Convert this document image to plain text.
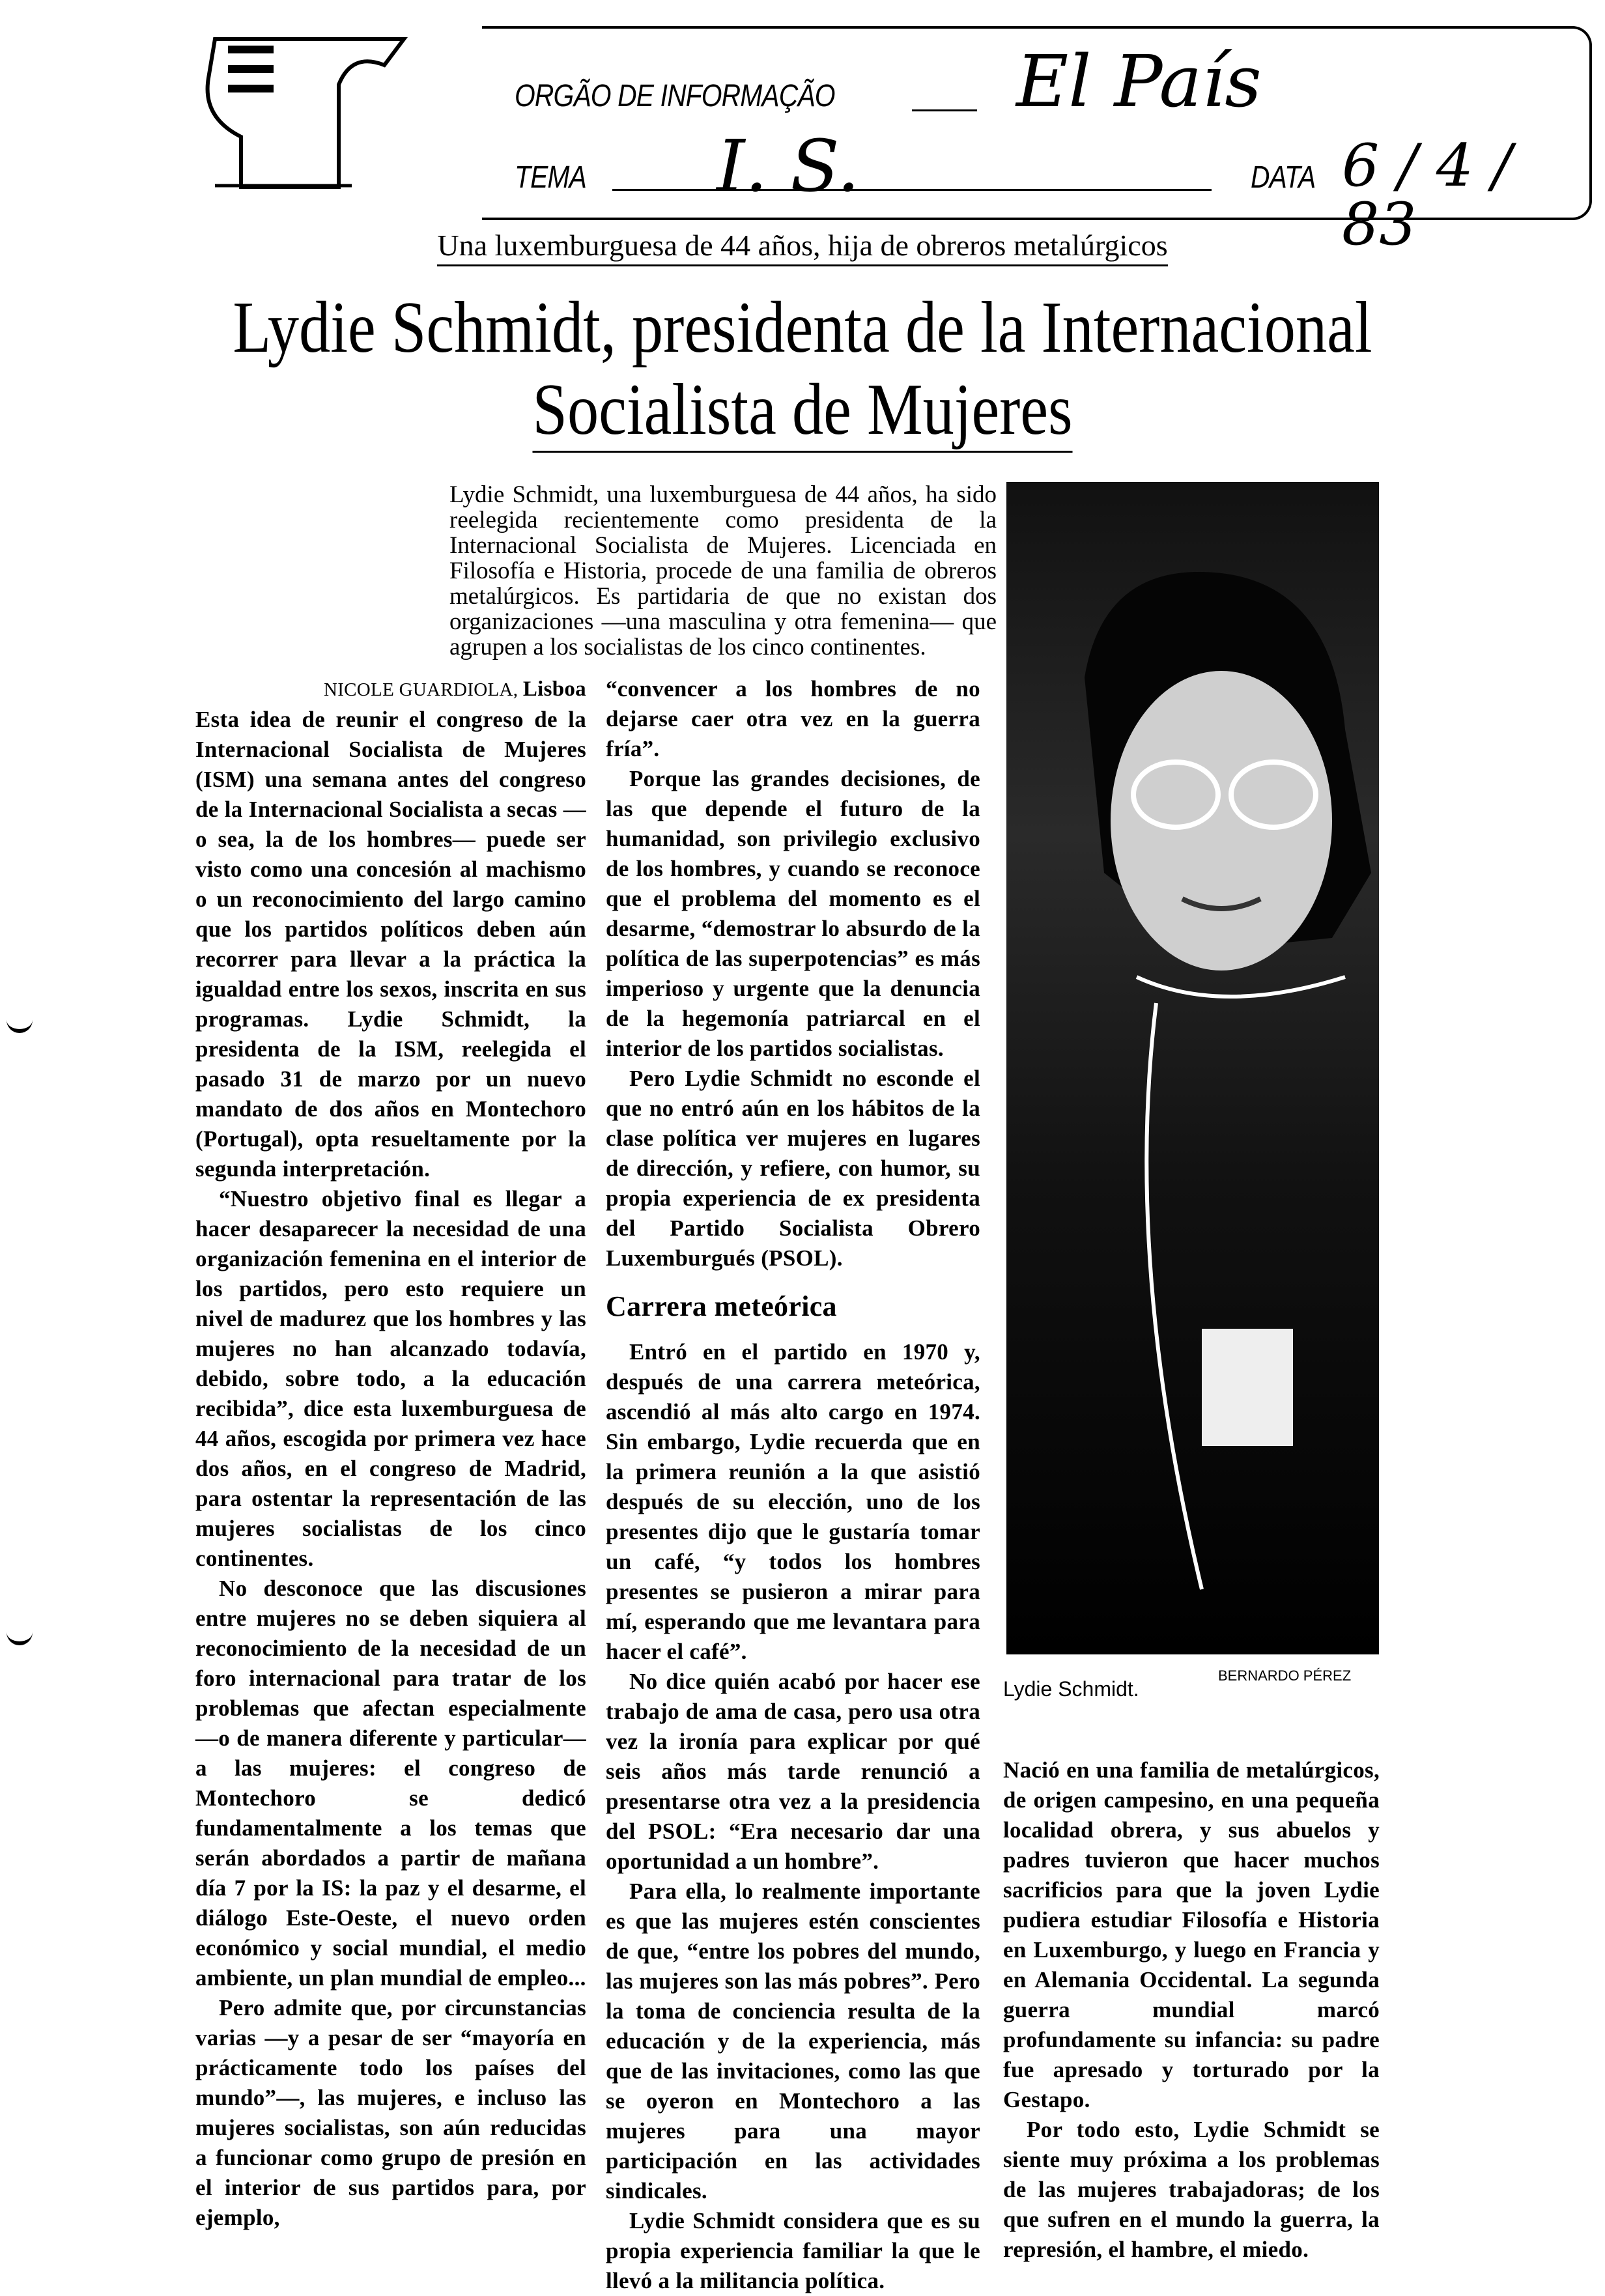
ORGÃO DE INFORMAÇÃO	El País
TEMA I. S.	DATA 6 / 4 / 83
Una luxemburguesa de 44 años, hija de obreros metalúrgicos
Lydie Schmidt, presidenta de la Internacional
Socialista de Mujeres
Lydie Schmidt, una luxemburguesa de 44 años, ha sido reelegida recientemente como presidenta de la Internacional Socialista de Mujeres. Licenciada en Filosofía e Historia, procede de una familia de obreros metalúrgicos. Es partidaria de que no existan dos organizaciones —una masculina y otra femenina— que agrupen a los socialistas de los cinco continentes.
NICOLE GUARDIOLA, Lisboa

Esta idea de reunir el congreso de la Internacional Socialista de Mujeres (ISM) una semana antes del congreso de la Internacional Socialista a secas —o sea, la de los hombres— puede ser visto como una concesión al machismo o un reconocimiento del largo camino que los partidos políticos deben aún recorrer para llevar a la práctica la igualdad entre los sexos, inscrita en sus programas. Lydie Schmidt, la presidenta de la ISM, reelegida el pasado 31 de marzo por un nuevo mandato de dos años en Montechoro (Portugal), opta resueltamente por la segunda interpretación.

“Nuestro objetivo final es llegar a hacer desaparecer la necesidad de una organización femenina en el interior de los partidos, pero esto requiere un nivel de madurez que los hombres y las mujeres no han alcanzado todavía, debido, sobre todo, a la educación recibida”, dice esta luxemburguesa de 44 años, escogida por primera vez hace dos años, en el congreso de Madrid, para ostentar la representación de las mujeres socialistas de los cinco continentes.

No desconoce que las discusiones entre mujeres no se deben siquiera al reconocimiento de la necesidad de un foro internacional para tratar de los problemas que afectan especialmente —o de manera diferente y particular— a las mujeres: el congreso de Montechoro se dedicó fundamentalmente a los temas que serán abordados a partir de mañana día 7 por la IS: la paz y el desarme, el diálogo Este-Oeste, el nuevo orden económico y social mundial, el medio ambiente, un plan mundial de empleo...

Pero admite que, por circunstancias varias —y a pesar de ser “mayoría en prácticamente todo los países del mundo”—, las mujeres, e incluso las mujeres socialistas, son aún reducidas a funcionar como grupo de presión en el interior de sus partidos para, por ejemplo,

“convencer a los hombres de no dejarse caer otra vez en la guerra fría”.

Porque las grandes decisiones, de las que depende el futuro de la humanidad, son privilegio exclusivo de los hombres, y cuando se reconoce que el problema del momento es el desarme, “demostrar lo absurdo de la política de las superpotencias” es más imperioso y urgente que la denuncia de la hegemonía patriarcal en el interior de los partidos socialistas.

Pero Lydie Schmidt no esconde el que no entró aún en los hábitos de la clase política ver mujeres en lugares de dirección, y refiere, con humor, su propia experiencia de ex presidenta del Partido Socialista Obrero Luxemburgués (PSOL).

Carrera meteórica

Entró en el partido en 1970 y, después de una carrera meteórica, ascendió al más alto cargo en 1974. Sin embargo, Lydie recuerda que en la primera reunión a la que asistió después de su elección, uno de los presentes dijo que le gustaría tomar un café, “y todos los hombres presentes se pusieron a mirar para mí, esperando que me levantara para hacer el café”.

No dice quién acabó por hacer ese trabajo de ama de casa, pero usa otra vez la ironía para explicar por qué seis años más tarde renunció a presentarse otra vez a la presidencia del PSOL: “Era necesario dar una oportunidad a un hombre”.

Para ella, lo realmente importante es que las mujeres estén conscientes de que, “entre los pobres del mundo, las mujeres son las más pobres”. Pero la toma de conciencia resulta de la educación y de la experiencia, más que de las invitaciones, como las que se oyeron en Montechoro a las mujeres para una mayor participación en las actividades sindicales.

Lydie Schmidt considera que es su propia experiencia familiar la que le llevó a la militancia política.

BERNARDO PÉREZ
Lydie Schmidt.

Nació en una familia de metalúrgicos, de origen campesino, en una pequeña localidad obrera, y sus abuelos y padres tuvieron que hacer muchos sacrificios para que la joven Lydie pudiera estudiar Filosofía e Historia en Luxemburgo, y luego en Francia y en Alemania Occidental. La segunda guerra mundial marcó profundamente su infancia: su padre fue apresado y torturado por la Gestapo.

Por todo esto, Lydie Schmidt se siente muy próxima a los problemas de las mujeres trabajadoras; de los que sufren en el mundo la guerra, la represión, el hambre, el miedo.
